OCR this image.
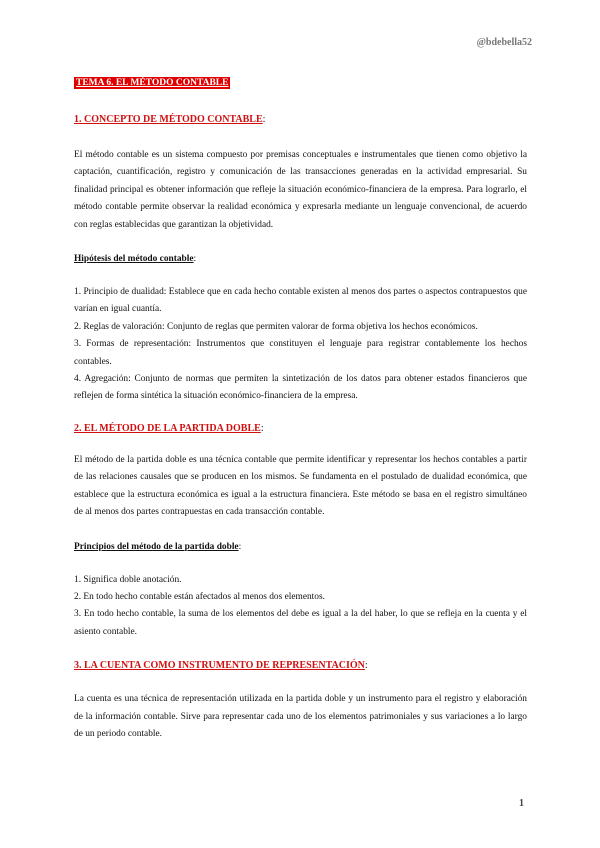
@bdebella52
TEMA 6. EL MÉTODO CONTABLE
1. CONCEPTO DE MÉTODO CONTABLE:

El método contable es un sistema compuesto por premisas conceptuales e instrumentales que tienen como objetivo la captación, cuantificación, registro y comunicación de las transacciones generadas en la actividad empresarial. Su finalidad principal es obtener información que refleje la situación económico-financiera de la empresa. Para lograrlo, el método contable permite observar la realidad económica y expresarla mediante un lenguaje convencional, de acuerdo con reglas establecidas que garantizan la objetividad.

Hipótesis del método contable:
1. Principio de dualidad: Establece que en cada hecho contable existen al menos dos partes o aspectos contrapuestos que varían en igual cuantía.
2. Reglas de valoración: Conjunto de reglas que permiten valorar de forma objetiva los hechos económicos.
3. Formas de representación: Instrumentos que constituyen el lenguaje para registrar contablemente los hechos contables.
4. Agregación: Conjunto de normas que permiten la sintetización de los datos para obtener estados financieros que reflejen de forma sintética la situación económico-financiera de la empresa.
2. EL MÉTODO DE LA PARTIDA DOBLE:

El método de la partida doble es una técnica contable que permite identificar y representar los hechos contables a partir de las relaciones causales que se producen en los mismos. Se fundamenta en el postulado de dualidad económica, que establece que la estructura económica es igual a la estructura financiera. Este método se basa en el registro simultáneo de al menos dos partes contrapuestas en cada transacción contable.

Principios del método de la partida doble:
1. Significa doble anotación.
2. En todo hecho contable están afectados al menos dos elementos.
3. En todo hecho contable, la suma de los elementos del debe es igual a la del haber, lo que se refleja en la cuenta y el asiento contable.
3. LA CUENTA COMO INSTRUMENTO DE REPRESENTACIÓN:

La cuenta es una técnica de representación utilizada en la partida doble y un instrumento para el registro y elaboración de la información contable. Sirve para representar cada uno de los elementos patrimoniales y sus variaciones a lo largo de un periodo contable.

1
